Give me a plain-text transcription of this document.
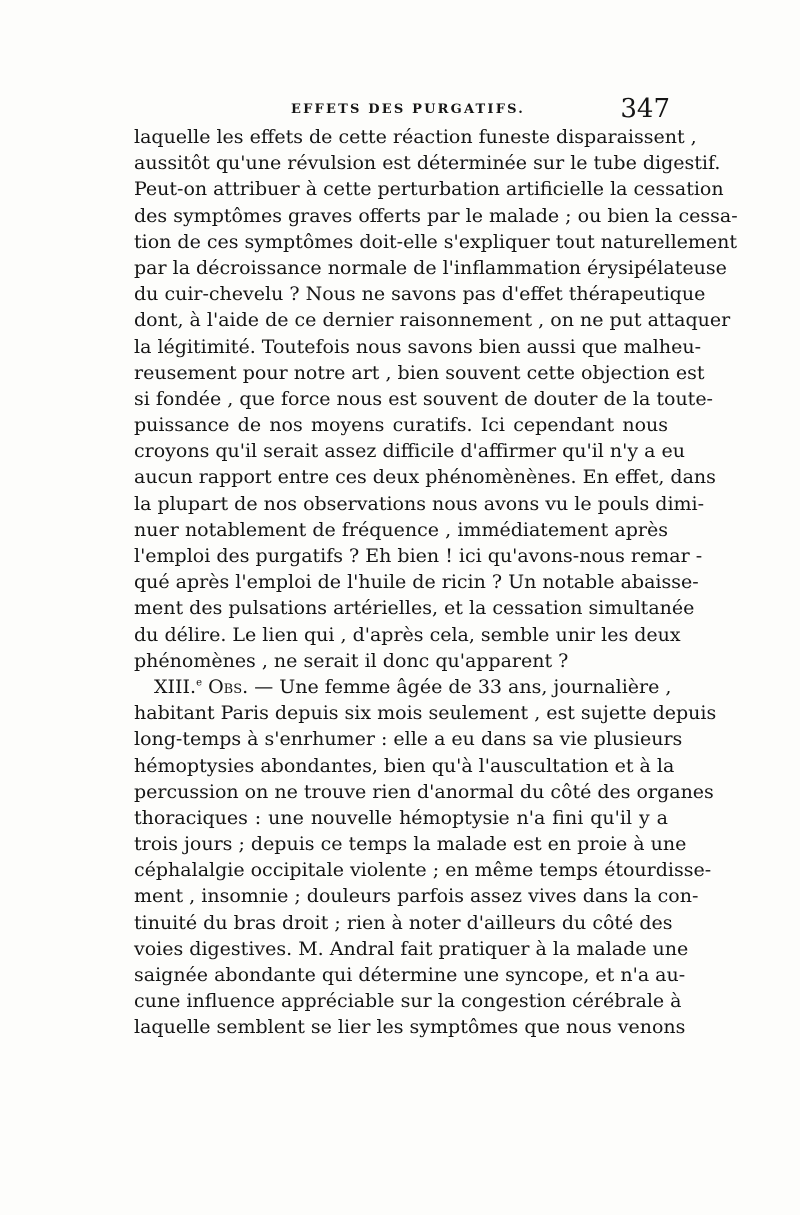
EFFETS DES PURGATIFS.	347
laquelle les effets de cette réaction funeste disparaissent ,
aussitôt qu'une révulsion est déterminée sur le tube digestif.
Peut-on attribuer à cette perturbation artificielle la cessation
des symptômes graves offerts par le malade ; ou bien la cessa-
tion de ces symptômes doit-elle s'expliquer tout naturellement
par la décroissance normale de l'inflammation érysipélateuse
du cuir-chevelu ? Nous ne savons pas d'effet thérapeutique
dont, à l'aide de ce dernier raisonnement , on ne put attaquer
la légitimité. Toutefois nous savons bien aussi que malheu-
reusement pour notre art , bien souvent cette objection est
si fondée , que force nous est souvent de douter de la toute-
puissance de nos moyens curatifs. Ici cependant nous
croyons qu'il serait assez difficile d'affirmer qu'il n'y a eu
aucun rapport entre ces deux phénomènènes. En effet, dans
la plupart de nos observations nous avons vu le pouls dimi-
nuer notablement de fréquence , immédiatement après
l'emploi des purgatifs ? Eh bien ! ici qu'avons-nous remar -
qué après l'emploi de l'huile de ricin ? Un notable abaisse-
ment des pulsations artérielles, et la cessation simultanée
du délire. Le lien qui , d'après cela, semble unir les deux
phénomènes , ne serait il donc qu'apparent ?
XIII.$^e$ Obs. — Une femme âgée de 33 ans, journalière ,
habitant Paris depuis six mois seulement , est sujette depuis
long-temps à s'enrhumer : elle a eu dans sa vie plusieurs
hémoptysies abondantes, bien qu'à l'auscultation et à la
percussion on ne trouve rien d'anormal du côté des organes
thoraciques : une nouvelle hémoptysie n'a fini qu'il y a
trois jours ; depuis ce temps la malade est en proie à une
céphalalgie occipitale violente ; en même temps étourdisse-
ment , insomnie ; douleurs parfois assez vives dans la con-
tinuité du bras droit ; rien à noter d'ailleurs du côté des
voies digestives. M. Andral fait pratiquer à la malade une
saignée abondante qui détermine une syncope, et n'a au-
cune influence appréciable sur la congestion cérébrale à
laquelle semblent se lier les symptômes que nous venons
